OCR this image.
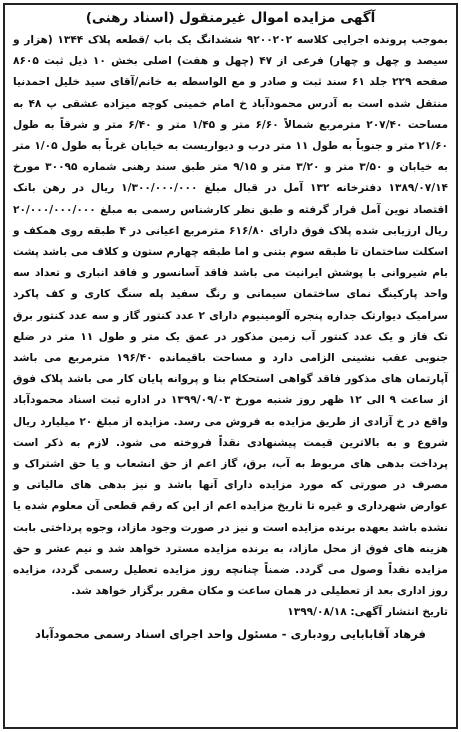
آگهی مزایده اموال غیرمنقول (اسناد رهنی)
بموجب پرونده اجرایی کلاسه ۹۲۰۰۲۰۲ ششدانگ یک باب /قطعه پلاک ۱۳۴۴ (هزار و سیصد و چهل و چهار) فرعی از ۴۷ (چهل و هفت) اصلی بخش ۱۰ ذیل ثبت ۸۶۰۵ صفحه ۲۲۹ جلد ۶۱ سند ثبت و صادر و مع الواسطه به خانم/آقای سید خلیل احمدنیا منتقل شده است به آدرس محمودآباد خ امام خمینی کوچه میزاده عشقی پ ۴۸ به مساحت ۲۰۷/۴۰ مترمربع شمالاً ۶/۶۰ متر و ۱/۴۵ متر و ۶/۴۰ متر و شرقاً به طول ۲۱/۶۰ متر و جنوباً به طول ۱۱ متر درب و دیواریست به خیابان غرباً به طول ۱/۰۵ متر به خیابان و ۳/۵۰ متر و ۳/۲۰ متر و ۹/۱۵ متر طبق سند رهنی شماره ۳۰۰۹۵ مورخ ۱۳۸۹/۰۷/۱۴ دفترخانه ۱۳۲ آمل در قبال مبلغ ۱/۳۰۰/۰۰۰/۰۰۰ ریال در رهن بانک اقتصاد نوین آمل قرار گرفته و طبق نظر کارشناس رسمی به مبلغ ۲۰/۰۰۰/۰۰۰/۰۰۰ ریال ارزیابی شده پلاک فوق دارای ۶۱۶/۸۰ مترمربع اعیانی در ۴ طبقه روی همکف و اسکلت ساختمان تا طبقه سوم بتنی و اما طبقه چهارم ستون و کلاف می باشد پشت بام شیروانی با پوشش ایرانیت می باشد فاقد آسانسور و فاقد انباری و تعداد سه واحد پارکینگ نمای ساختمان سیمانی و رنگ سفید پله سنگ کاری و کف پاکرد سرامیک دیوارتک جداره پنجره آلومینیوم دارای ۲ عدد کنتور گاز و سه عدد کنتور برق تک فاز و یک عدد کنتور آب زمین مذکور در عمق یک متر و طول ۱۱ متر در ضلع جنوبی عقب نشینی الزامی دارد و مساحت باقیمانده ۱۹۶/۴۰ مترمربع می باشد آپارتمان های مذکور فاقد گواهی استحکام بنا و پروانه پایان کار می باشد پلاک فوق از ساعت ۹ الی ۱۲ ظهر روز شنبه مورخ ۱۳۹۹/۰۹/۰۳ در اداره ثبت اسناد محمودآباد واقع در خ آزادی از طریق مزایده به فروش می رسد. مزایده از مبلغ ۲۰ میلیارد ریال شروع و به بالاترین قیمت پیشنهادی نقداً فروخته می شود. لازم به ذکر است پرداخت بدهی های مربوط به آب، برق، گاز اعم از حق انشعاب و یا حق اشتراک و مصرف در صورتی که مورد مزایده دارای آنها باشد و نیز بدهی های مالیاتی و عوارض شهرداری و غیره تا تاریخ مزایده اعم از این که رقم قطعی آن معلوم شده یا نشده باشد بعهده برنده مزایده است و نیز در صورت وجود مازاد، وجوه پرداختی بابت هزینه های فوق از محل مازاد، به برنده مزایده مسترد خواهد شد و نیم عشر و حق مزایده نقداً وصول می گردد. ضمناً چنانچه روز مزایده تعطیل رسمی گردد، مزایده روز اداری بعد از تعطیلی در همان ساعت و مکان مقرر برگزار خواهد شد.
تاریخ انتشار آگهی: ۱۳۹۹/۰۸/۱۸
فرهاد آقابابایی رودباری - مسئول واحد اجرای اسناد رسمی محمودآباد
